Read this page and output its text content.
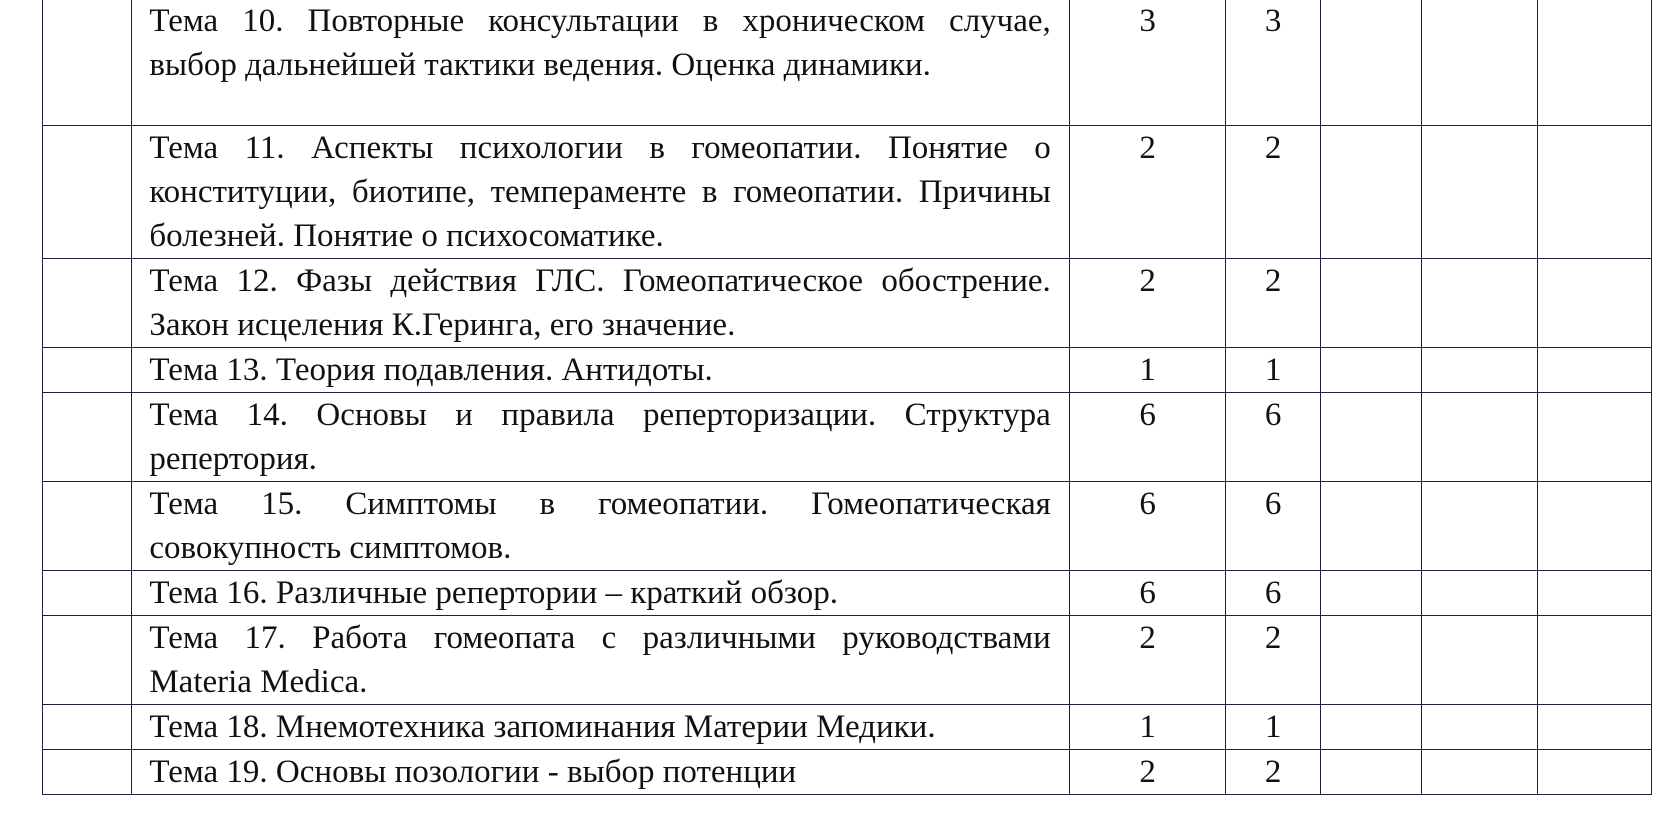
	Тема 10. Повторные консультации в хроническом случае, выбор дальнейшей тактики ведения. Оценка динамики.	3	3			

	Тема 11. Аспекты психологии в гомеопатии. Понятие о конституции, биотипе, темпераменте в гомеопатии. Причины болезней. Понятие о психосоматике.	2	2			

	Тема 12. Фазы действия ГЛС. Гомеопатическое обострение. Закон исцеления К.Геринга, его значение.	2	2			

	Тема 13. Теория подавления. Антидоты.	1	1			

	Тема 14. Основы и правила реперторизации. Структура репертория.	6	6			

	Тема 15. Симптомы в гомеопатии. Гомеопатическая совокупность симптомов.	6	6			

	Тема 16. Различные репертории – краткий обзор.	6	6			

	Тема 17. Работа гомеопата с различными руководствами Materia Medica.	2	2			

	Тема 18. Мнемотехника запоминания Материи Медики.	1	1			

	Тема 19. Основы позологии - выбор потенции	2	2			
